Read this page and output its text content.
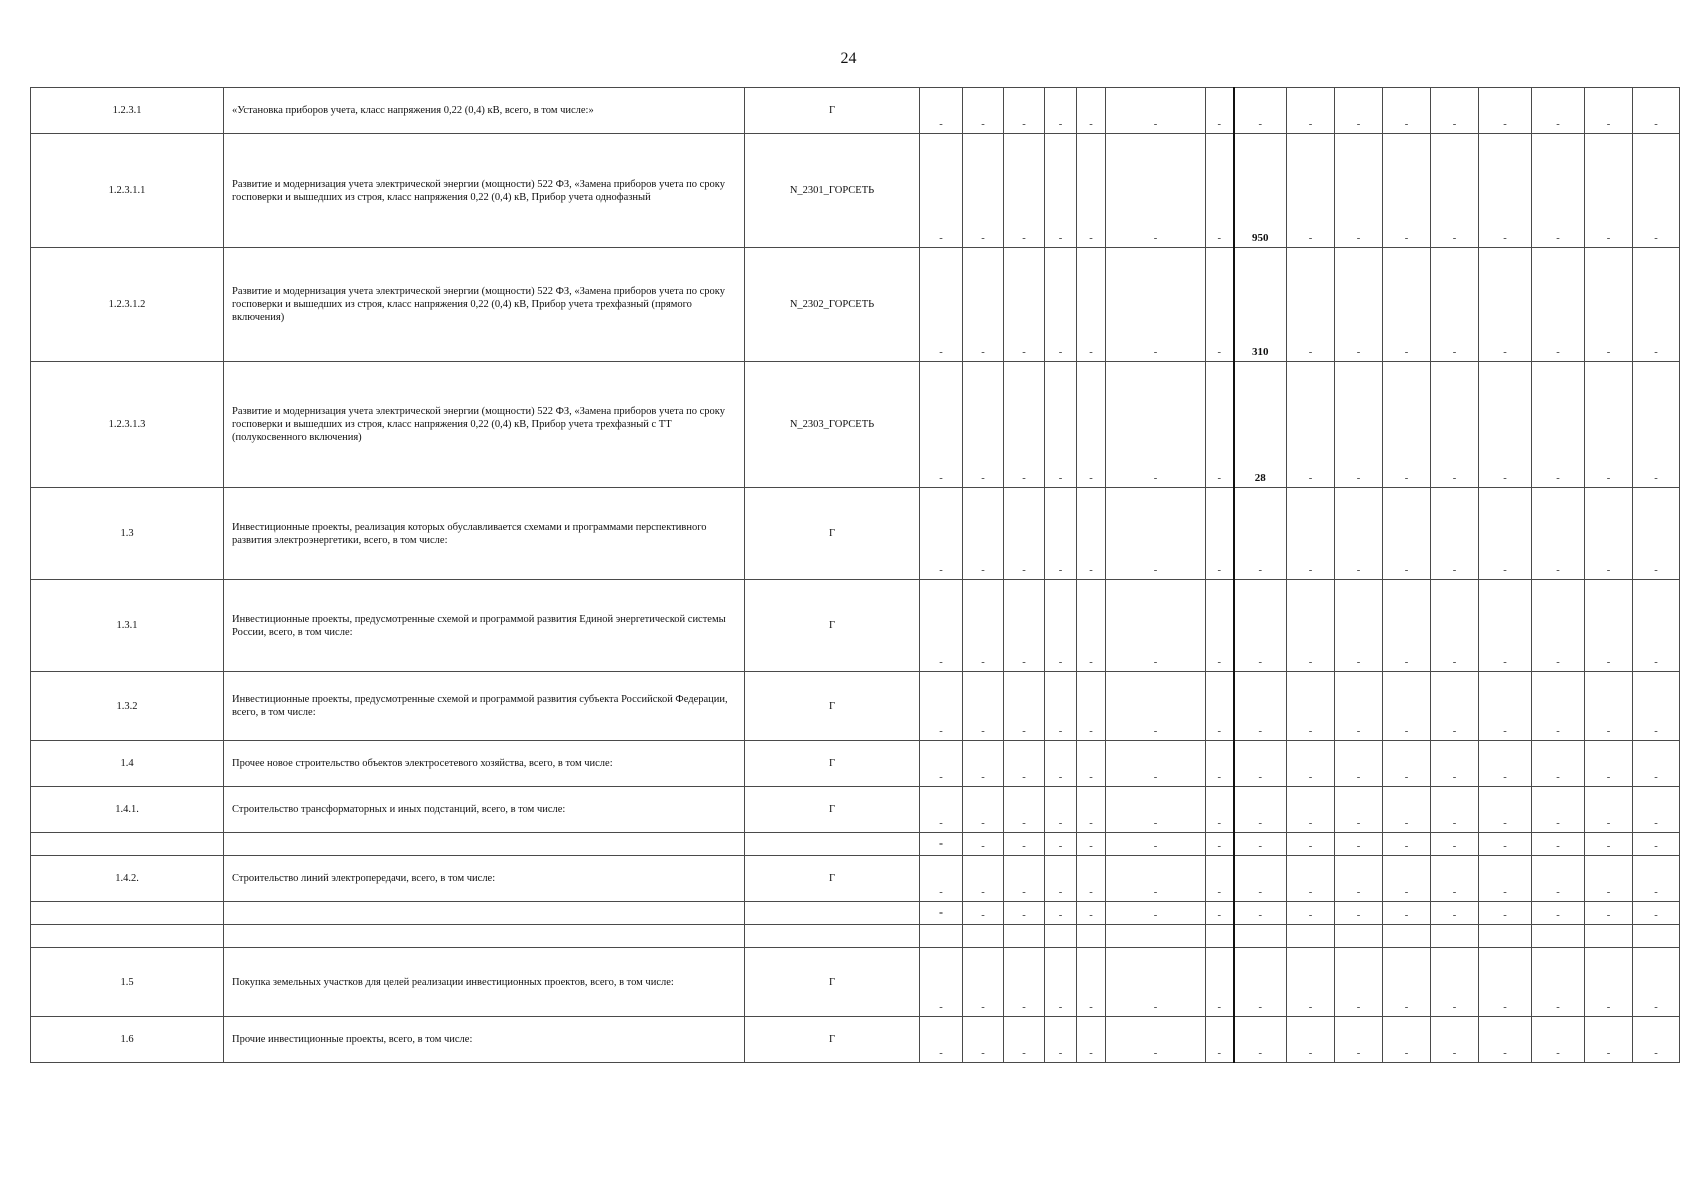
24
1.2.3.1	«Установка приборов учета, класс напряжения 0,22 (0,4) кВ, всего, в том числе:»	Г	-	-	-	-	-	-	-	-	-	-	-	-	-	-	-	-
1.2.3.1.1	Развитие и модернизация учета электрической энергии (мощности) 522 ФЗ, «Замена приборов учета по сроку госповерки и вышедших из строя, класс напряжения 0,22 (0,4) кВ, Прибор учета однофазный	N_2301_ГОРСЕТЬ	-	-	-	-	-	-	-	950	-	-	-	-	-	-	-	-
1.2.3.1.2	Развитие и модернизация учета электрической энергии (мощности) 522 ФЗ, «Замена приборов учета по сроку госповерки и вышедших из строя, класс напряжения 0,22 (0,4) кВ, Прибор учета трехфазный (прямого включения)	N_2302_ГОРСЕТЬ	-	-	-	-	-	-	-	310	-	-	-	-	-	-	-	-
1.2.3.1.3	Развитие и модернизация учета электрической энергии (мощности) 522 ФЗ, «Замена приборов учета по сроку госповерки и вышедших из строя, класс напряжения 0,22 (0,4) кВ, Прибор учета трехфазный с ТТ (полукосвенного включения)	N_2303_ГОРСЕТЬ	-	-	-	-	-	-	-	28	-	-	-	-	-	-	-	-
1.3	Инвестиционные проекты, реализация которых обуславливается схемами и программами перспективного развития электроэнергетики, всего, в том числе:	Г	-	-	-	-	-	-	-	-	-	-	-	-	-	-	-	-
1.3.1	Инвестиционные проекты, предусмотренные схемой и программой развития Единой энергетической системы России, всего, в том числе:	Г	-	-	-	-	-	-	-	-	-	-	-	-	-	-	-	-
1.3.2	Инвестиционные проекты, предусмотренные схемой и программой развития субъекта Российской Федерации, всего, в том числе:	Г	-	-	-	-	-	-	-	-	-	-	-	-	-	-	-	-
1.4	Прочее новое строительство объектов электросетевого хозяйства, всего, в том числе:	Г	-	-	-	-	-	-	-	-	-	-	-	-	-	-	-	-
1.4.1.	Строительство трансформаторных и иных подстанций, всего, в том числе:	Г	-	-	-	-	-	-	-	-	-	-	-	-	-	-	-	-
			-	-	-	-	-	-	-	-	-	-	-	-	-	-	-	-
1.4.2.	Строительство линий электропередачи, всего, в том числе:	Г	-	-	-	-	-	-	-	-	-	-	-	-	-	-	-	-
			-	-	-	-	-	-	-	-	-	-	-	-	-	-	-	-

1.5	Покупка земельных участков для целей реализации инвестиционных проектов, всего, в том числе:	Г	-	-	-	-	-	-	-	-	-	-	-	-	-	-	-	-
1.6	Прочие инвестиционные проекты, всего, в том числе:	Г	-	-	-	-	-	-	-	-	-	-	-	-	-	-	-	-
